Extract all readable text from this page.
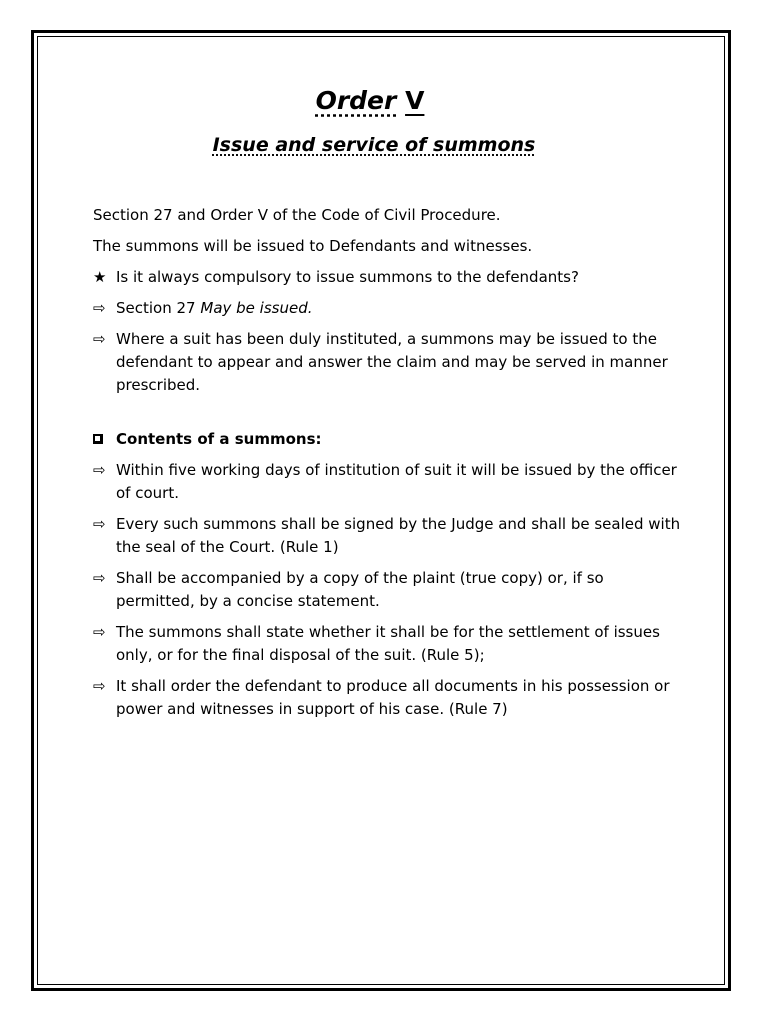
Order V
Issue and service of summons
Section 27 and Order V of the Code of Civil Procedure.
The summons will be issued to Defendants and witnesses.
★ Is it always compulsory to issue summons to the defendants?
⇨ Section 27 May be issued.
⇨ Where a suit has been duly instituted, a summons may be issued to the defendant to appear and answer the claim and may be served in manner prescribed.
Contents of a summons:
⇨ Within five working days of institution of suit it will be issued by the officer of court.
⇨ Every such summons shall be signed by the Judge and shall be sealed with the seal of the Court. (Rule 1)
⇨ Shall be accompanied by a copy of the plaint (true copy) or, if so permitted, by a concise statement.
⇨ The summons shall state whether it shall be for the settlement of issues only, or for the final disposal of the suit. (Rule 5);
⇨ It shall order the defendant to produce all documents in his possession or power and witnesses in support of his case. (Rule 7)
